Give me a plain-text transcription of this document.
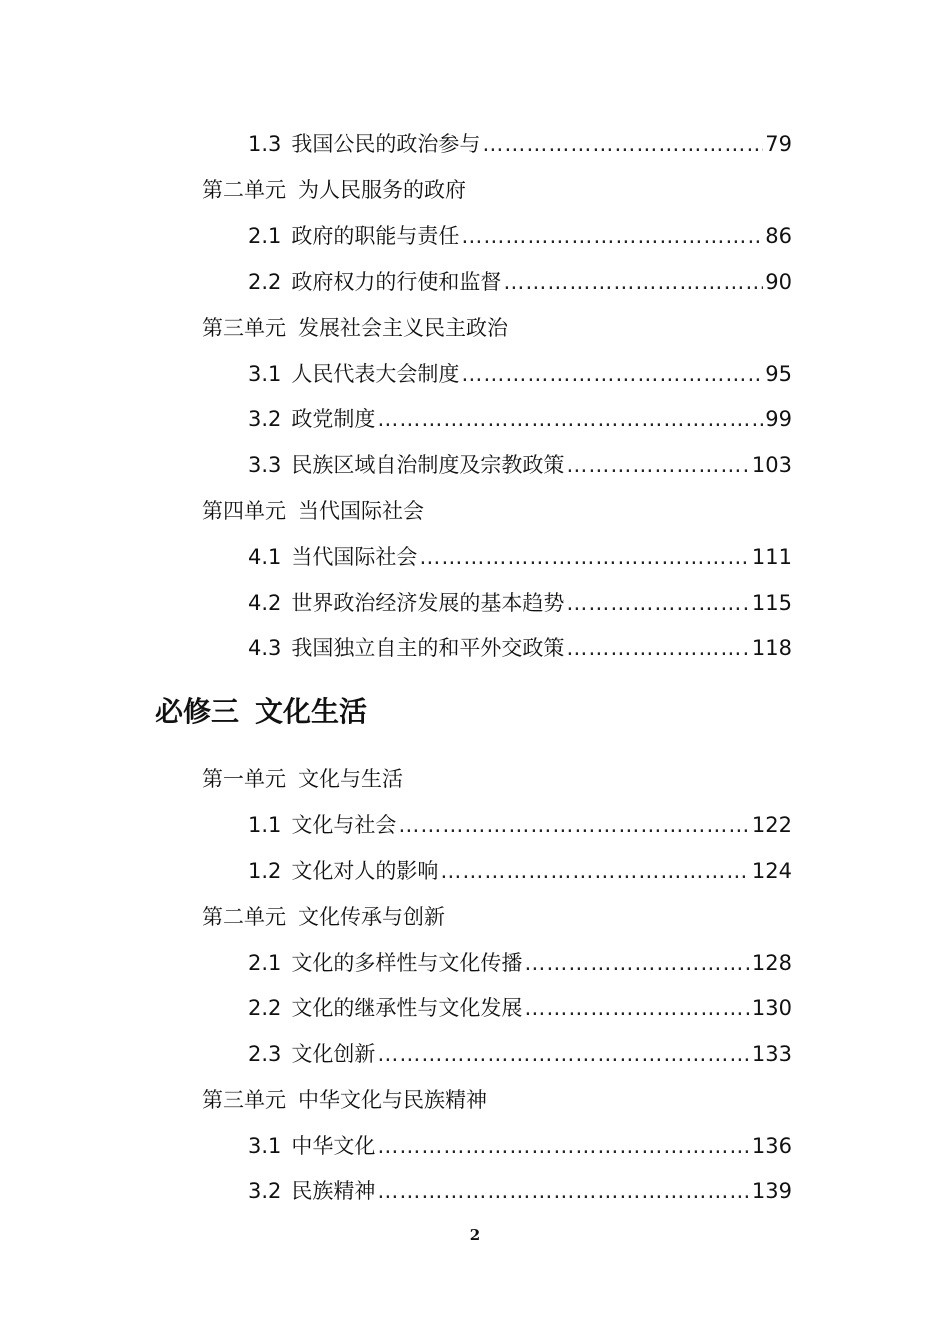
1.3 我国公民的政治参与 ……………………………………………………………………………………………………………………	79
第二单元 为人民服务的政府
2.1 政府的职能与责任 ……………………………………………………………………………………………………………………	86
2.2 政府权力的行使和监督 ……………………………………………………………………………………………………………………	90
第三单元 发展社会主义民主政治
3.1 人民代表大会制度 ……………………………………………………………………………………………………………………	95
3.2 政党制度 ……………………………………………………………………………………………………………………	99
3.3 民族区域自治制度及宗教政策 ……………………………………………………………………………………………………………………	103
第四单元 当代国际社会
4.1 当代国际社会 ……………………………………………………………………………………………………………………	111
4.2 世界政治经济发展的基本趋势 ……………………………………………………………………………………………………………………	115
4.3 我国独立自主的和平外交政策 ……………………………………………………………………………………………………………………	118
必修三 文化生活
第一单元 文化与生活
1.1 文化与社会 ……………………………………………………………………………………………………………………	122
1.2 文化对人的影响 ……………………………………………………………………………………………………………………	124
第二单元 文化传承与创新
2.1 文化的多样性与文化传播 ……………………………………………………………………………………………………………………	128
2.2 文化的继承性与文化发展 ……………………………………………………………………………………………………………………	130
2.3 文化创新 ……………………………………………………………………………………………………………………	133
第三单元 中华文化与民族精神
3.1 中华文化 ……………………………………………………………………………………………………………………	136
3.2 民族精神 ……………………………………………………………………………………………………………………	139
2
